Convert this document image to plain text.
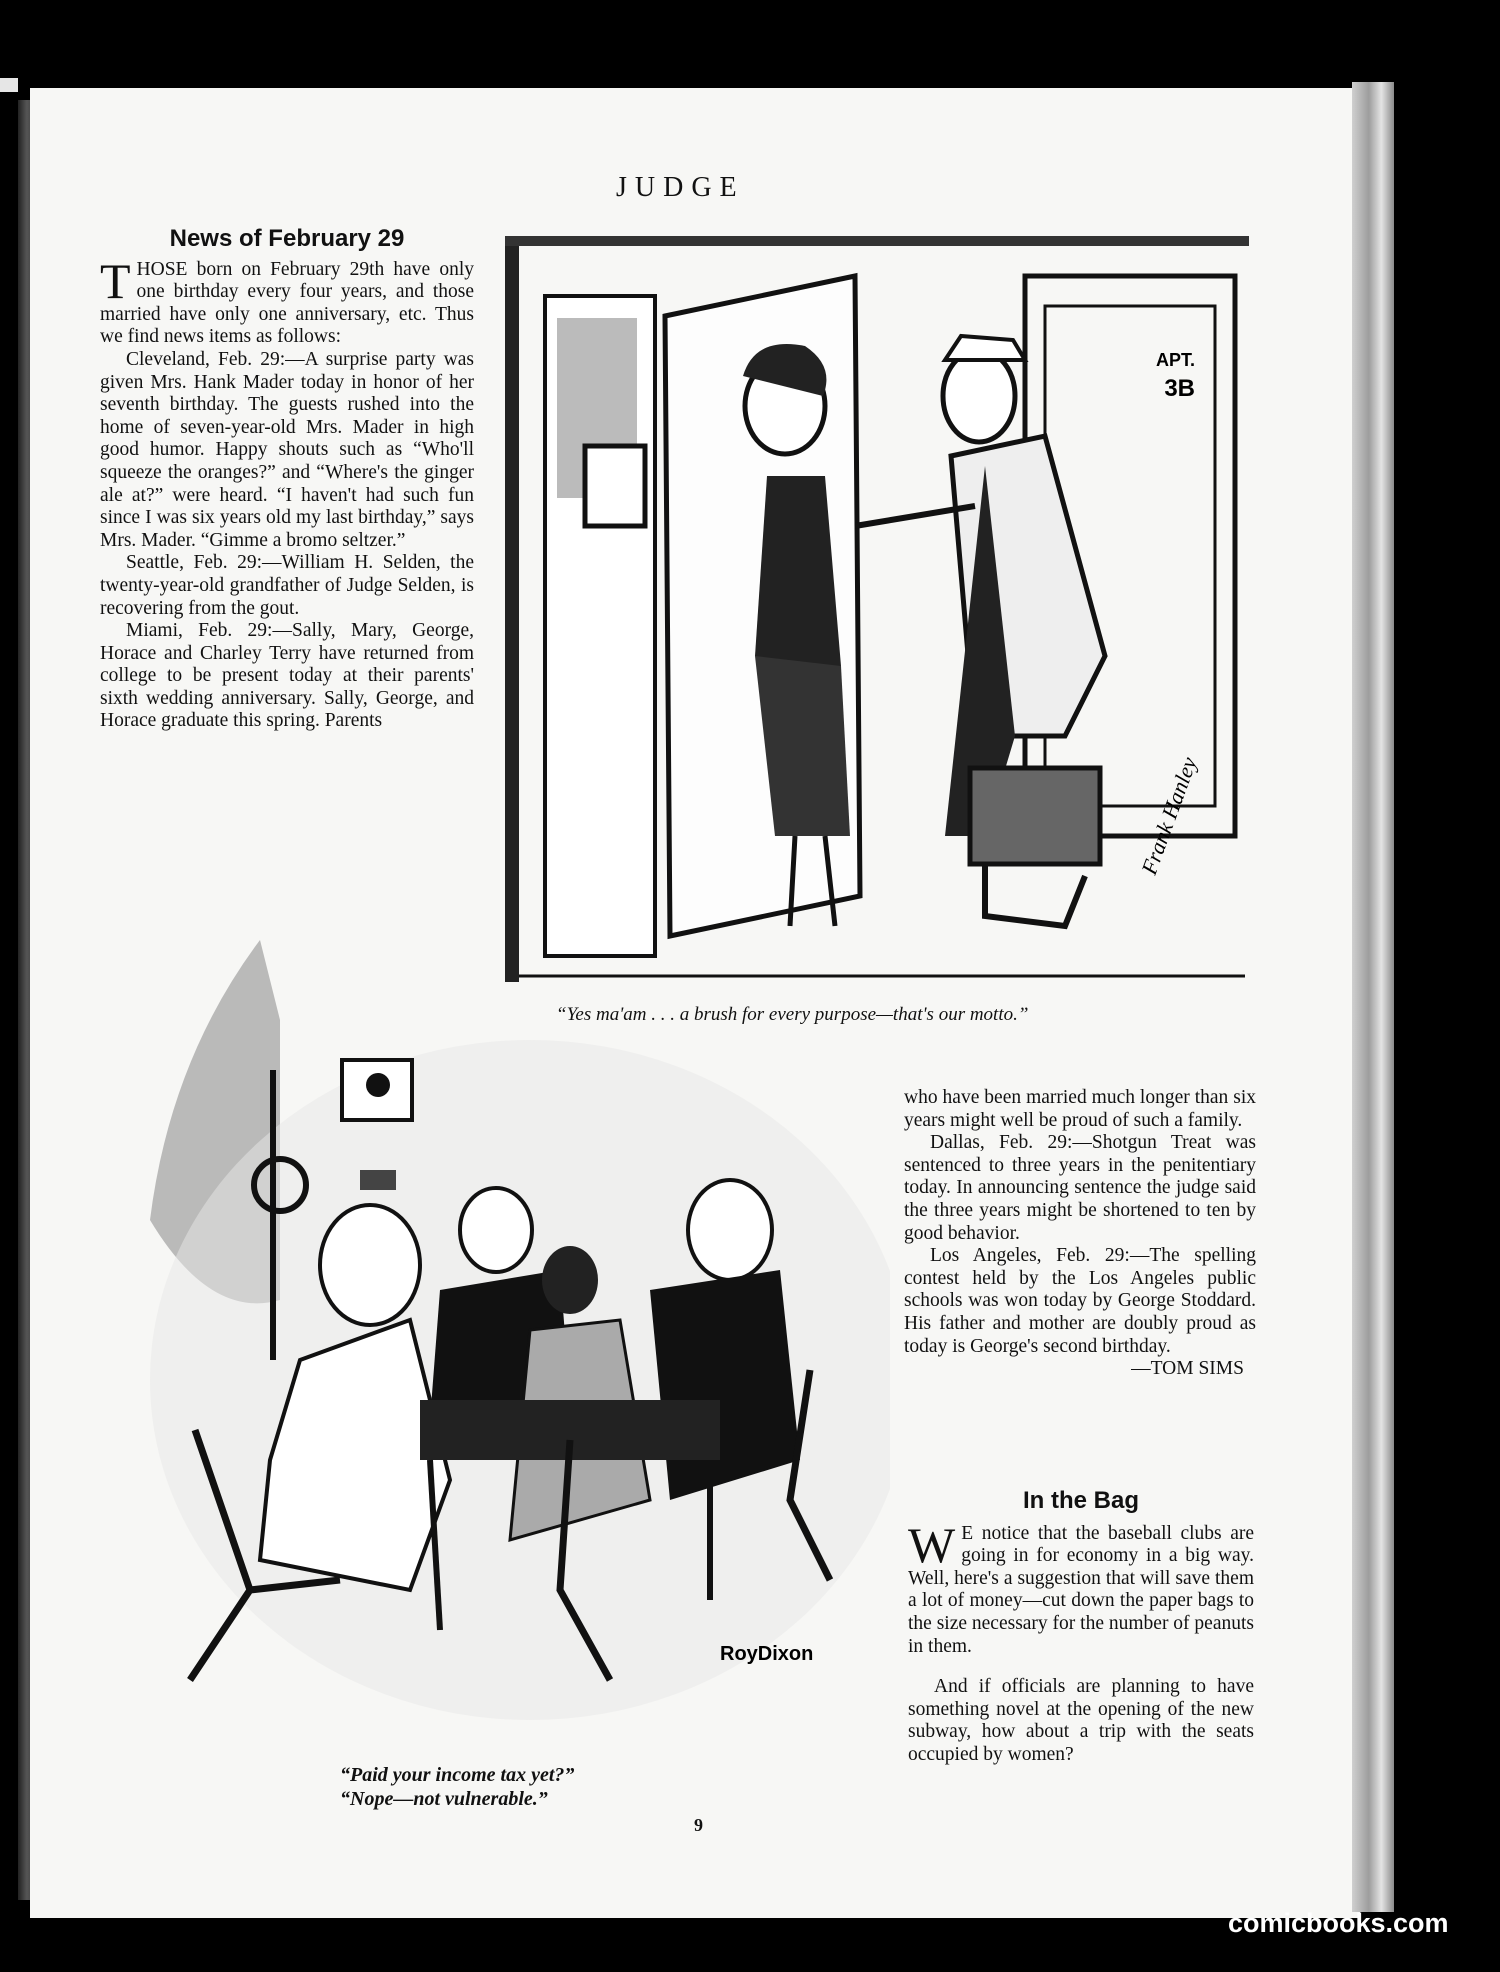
JUDGE
News of February 29

THOSE born on February 29th have only one birthday every four years, and those married have only one anniversary, etc. Thus we find news items as follows:

Cleveland, Feb. 29:—A surprise party was given Mrs. Hank Mader today in honor of her seventh birthday. The guests rushed into the home of seven-year-old Mrs. Mader in high good humor. Happy shouts such as “Who'll squeeze the oranges?” and “Where's the ginger ale at?” were heard. “I haven't had such fun since I was six years old my last birthday,” says Mrs. Mader. “Gimme a bromo seltzer.”

Seattle, Feb. 29:—William H. Selden, the twenty-year-old grandfather of Judge Selden, is recovering from the gout.

Miami, Feb. 29:—Sally, Mary, George, Horace and Charley Terry have returned from college to be present today at their parents' sixth wedding anniversary. Sally, George, and Horace graduate this spring. Parents

who have been married much longer than six years might well be proud of such a family.

Dallas, Feb. 29:—Shotgun Treat was sentenced to three years in the penitentiary today. In announcing sentence the judge said the three years might be shortened to ten by good behavior.

Los Angeles, Feb. 29:—The spelling contest held by the Los Angeles public schools was won today by George Stoddard. His father and mother are doubly proud as today is George's second birthday.

—TOM SIMS

In the Bag

W E notice that the baseball clubs are going in for economy in a big way. Well, here's a suggestion that will save them a lot of money—cut down the paper bags to the size necessary for the number of peanuts in them.

And if officials are planning to have something novel at the opening of the new subway, how about a trip with the seats occupied by women?

APT.
3B
Frank Hanley
“Yes ma'am . . . a brush for every purpose—that's our motto.”
RoyDixon
“Paid your income tax yet?”
“Nope—not vulnerable.”
9
comicbooks.com
